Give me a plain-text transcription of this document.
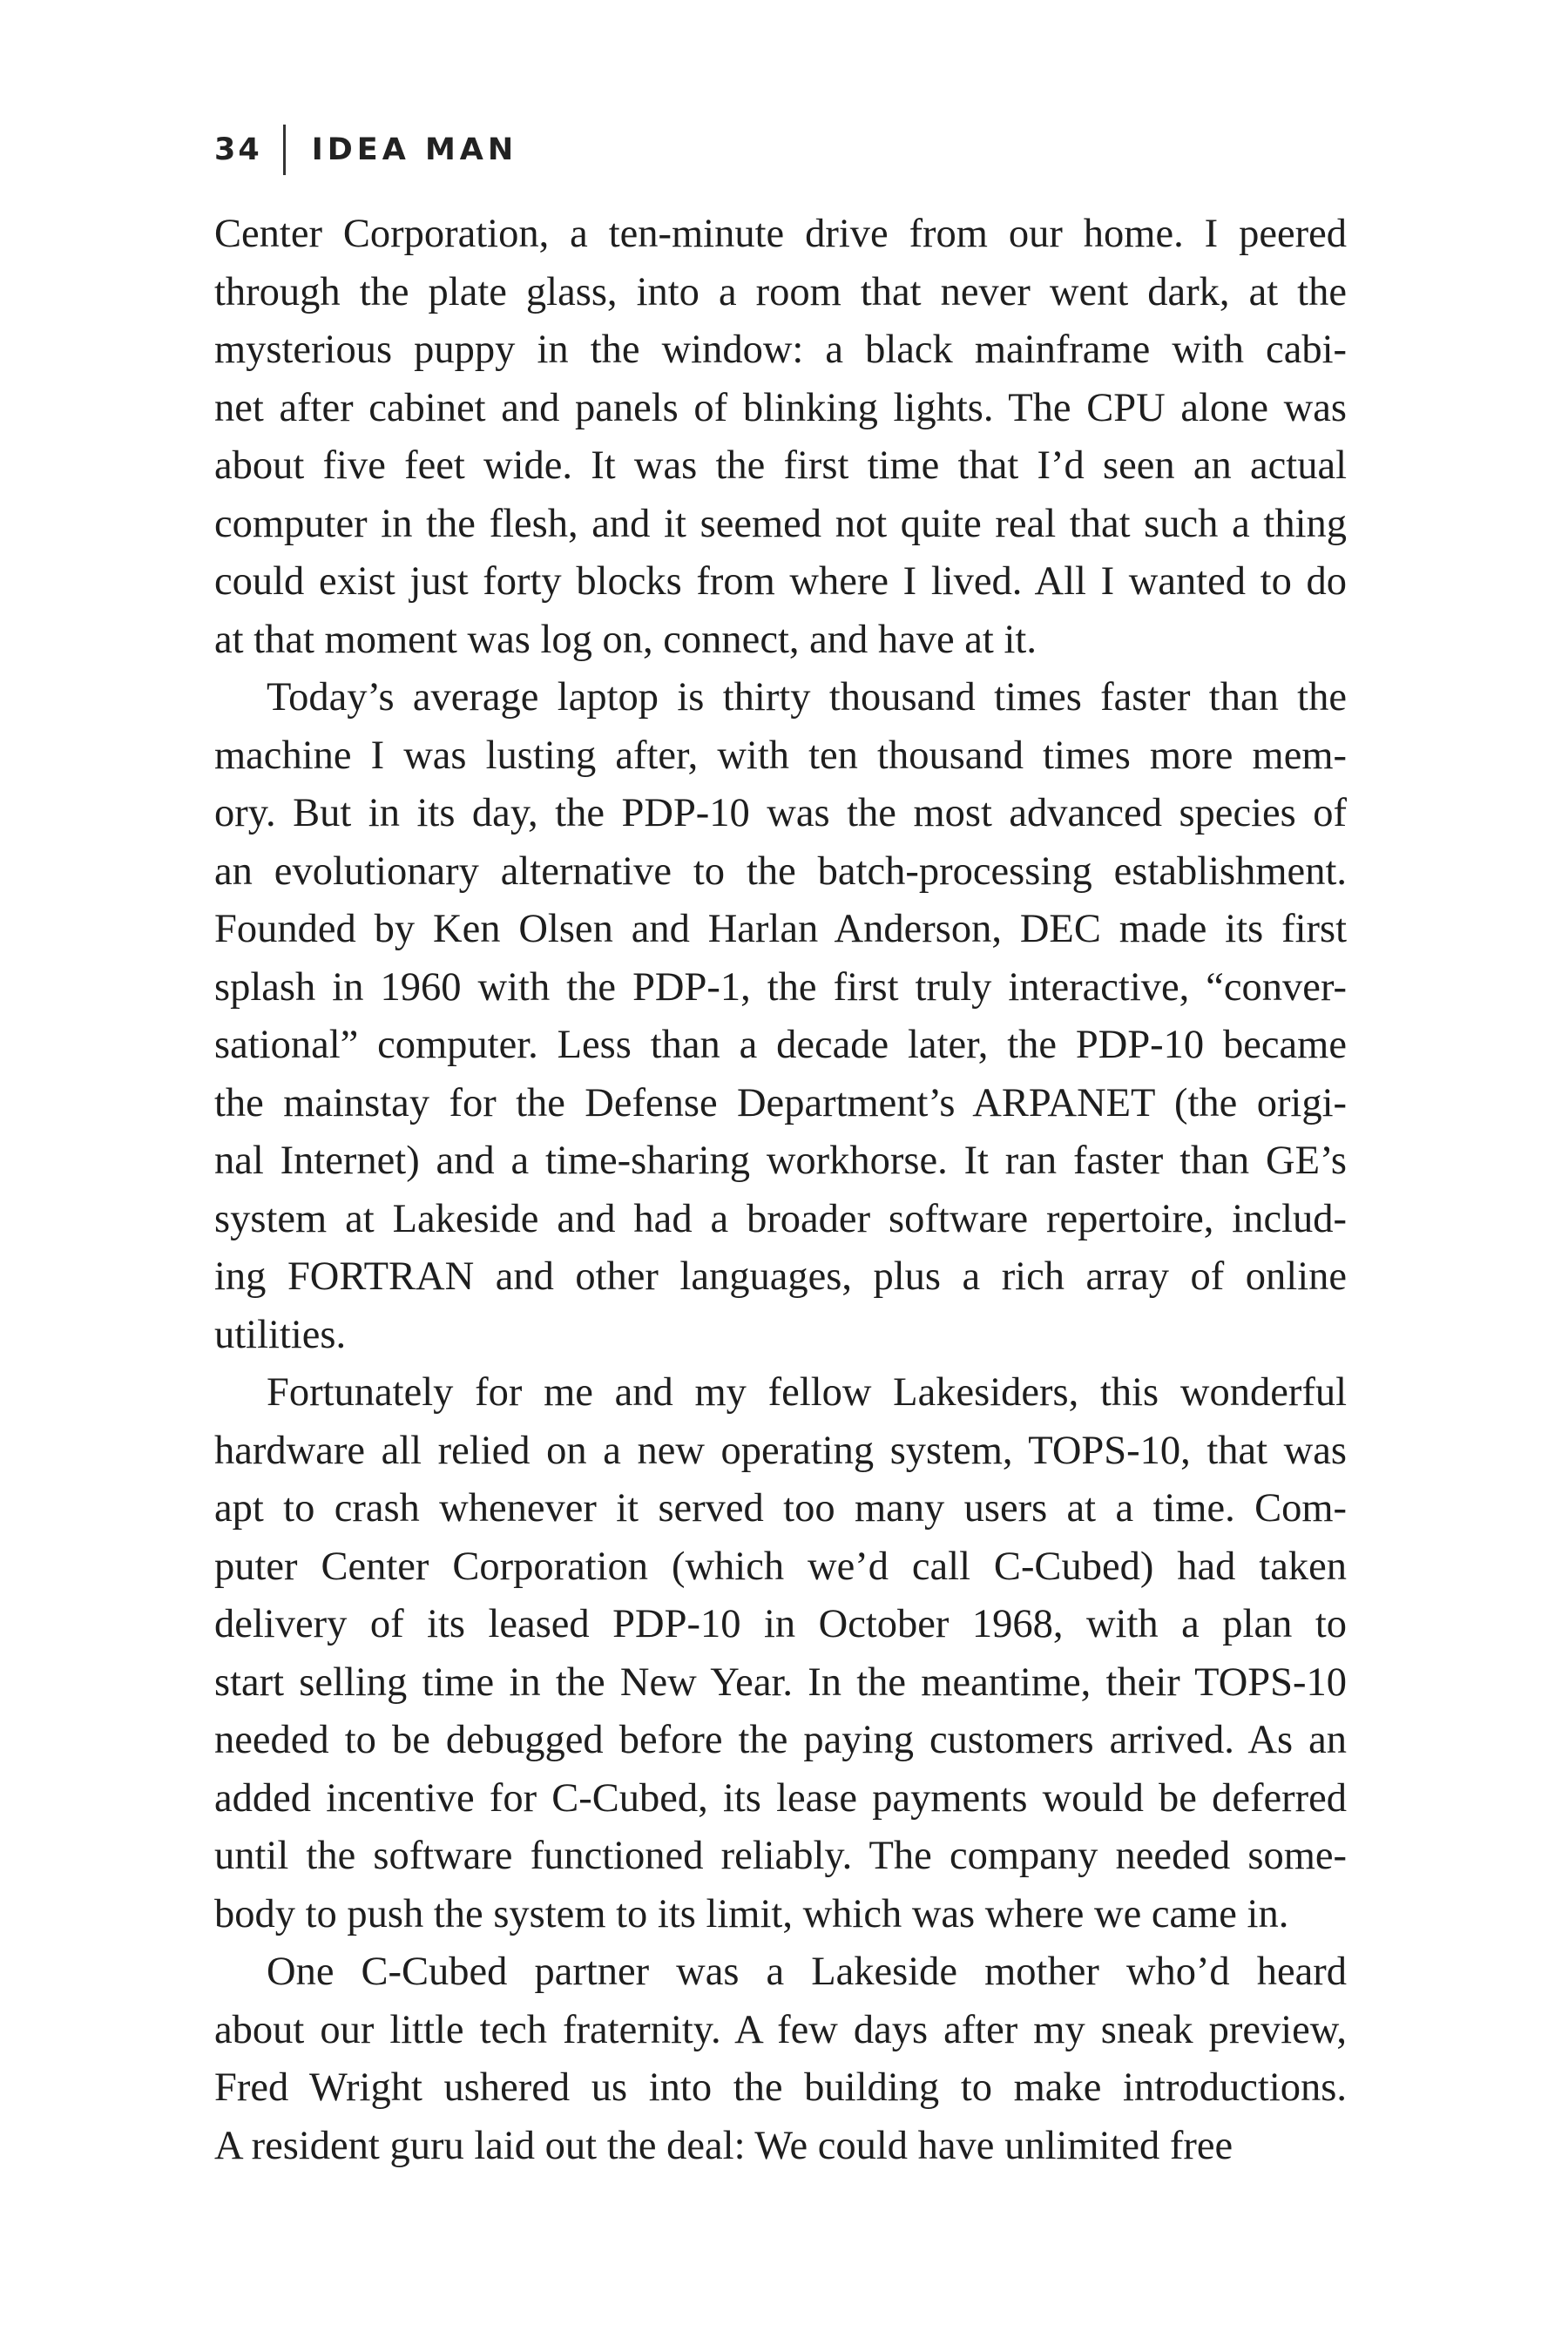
34 IDEA MAN
Center Corporation, a ten-minute drive from our home. I peered
through the plate glass, into a room that never went dark, at the
mysterious puppy in the window: a black mainframe with cabi-
net after cabinet and panels of blinking lights. The CPU alone was
about five feet wide. It was the first time that I’d seen an actual
computer in the flesh, and it seemed not quite real that such a thing
could exist just forty blocks from where I lived. All I wanted to do
at that moment was log on, connect, and have at it.
Today’s average laptop is thirty thousand times faster than the
machine I was lusting after, with ten thousand times more mem-
ory. But in its day, the PDP-10 was the most advanced species of
an evolutionary alternative to the batch-processing establishment.
Founded by Ken Olsen and Harlan Anderson, DEC made its first
splash in 1960 with the PDP-1, the first truly interactive, “conver-
sational” computer. Less than a decade later, the PDP-10 became
the mainstay for the Defense Department’s ARPANET (the origi-
nal Internet) and a time-sharing workhorse. It ran faster than GE’s
system at Lakeside and had a broader software repertoire, includ-
ing FORTRAN and other languages, plus a rich array of online
utilities.
Fortunately for me and my fellow Lakesiders, this wonderful
hardware all relied on a new operating system, TOPS-10, that was
apt to crash whenever it served too many users at a time. Com-
puter Center Corporation (which we’d call C-Cubed) had taken
delivery of its leased PDP-10 in October 1968, with a plan to
start selling time in the New Year. In the meantime, their TOPS-10
needed to be debugged before the paying customers arrived. As an
added incentive for C-Cubed, its lease payments would be deferred
until the software functioned reliably. The company needed some-
body to push the system to its limit, which was where we came in.
One C-Cubed partner was a Lakeside mother who’d heard
about our little tech fraternity. A few days after my sneak preview,
Fred Wright ushered us into the building to make introductions.
A resident guru laid out the deal: We could have unlimited free
